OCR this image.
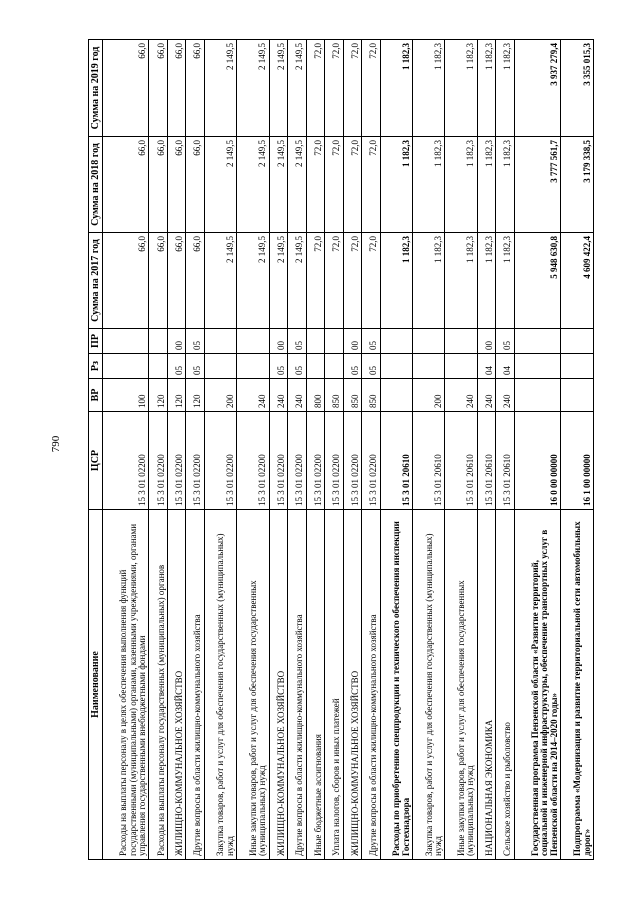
790
Наименование	ЦСР	ВР	Рз	ПР	Сумма на 2017 год	Сумма на 2018 год	Сумма на 2019 год
Расходы на выплаты персоналу в целях обеспечения выполнения функций государственными (муниципальными) органами, казенными учреждениями, органами управления государственными внебюджетными фондами	15 3 01 02200	100			66,0	66,0	66,0
Расходы на выплаты персоналу государственных (муниципальных) органов	15 3 01 02200	120			66,0	66,0	66,0
ЖИЛИЩНО-КОММУНАЛЬНОЕ ХОЗЯЙСТВО	15 3 01 02200	120	05	00	66,0	66,0	66,0
Другие вопросы в области жилищно-коммунального хозяйства	15 3 01 02200	120	05	05	66,0	66,0	66,0
Закупка товаров, работ и услуг для обеспечения государственных (муниципальных) нужд	15 3 01 02200	200			2 149,5	2 149,5	2 149,5
Иные закупки товаров, работ и услуг для обеспечения государственных (муниципальных) нужд	15 3 01 02200	240			2 149,5	2 149,5	2 149,5
ЖИЛИЩНО-КОММУНАЛЬНОЕ ХОЗЯЙСТВО	15 3 01 02200	240	05	00	2 149,5	2 149,5	2 149,5
Другие вопросы в области жилищно-коммунального хозяйства	15 3 01 02200	240	05	05	2 149,5	2 149,5	2 149,5
Иные бюджетные ассигнования	15 3 01 02200	800			72,0	72,0	72,0
Уплата налогов, сборов и иных платежей	15 3 01 02200	850			72,0	72,0	72,0
ЖИЛИЩНО-КОММУНАЛЬНОЕ ХОЗЯЙСТВО	15 3 01 02200	850	05	00	72,0	72,0	72,0
Другие вопросы в области жилищно-коммунального хозяйства	15 3 01 02200	850	05	05	72,0	72,0	72,0
Расходы по приобретению спецпродукции и технического обеспечения инспекции Гостехнадзора	15 3 01 20610				1 182,3	1 182,3	1 182,3
Закупка товаров, работ и услуг для обеспечения государственных (муниципальных) нужд	15 3 01 20610	200			1 182,3	1 182,3	1 182,3
Иные закупки товаров, работ и услуг для обеспечения государственных (муниципальных) нужд	15 3 01 20610	240			1 182,3	1 182,3	1 182,3
НАЦИОНАЛЬНАЯ ЭКОНОМИКА	15 3 01 20610	240	04	00	1 182,3	1 182,3	1 182,3
Сельское хозяйство и рыболовство	15 3 01 20610	240	04	05	1 182,3	1 182,3	1 182,3
Государственная программа Пензенской области «Развитие территорий, социальной и инженерной инфраструктуры, обеспечение транспортных услуг в Пензенской области на 2014–2020 годы»	16 0 00 00000				5 948 630,8	3 777 561,7	3 937 279,4
Подпрограмма «Модернизация и развитие территориальной сети автомобильных дорог»	16 1 00 00000				4 609 422,4	3 179 338,5	3 355 015,3
